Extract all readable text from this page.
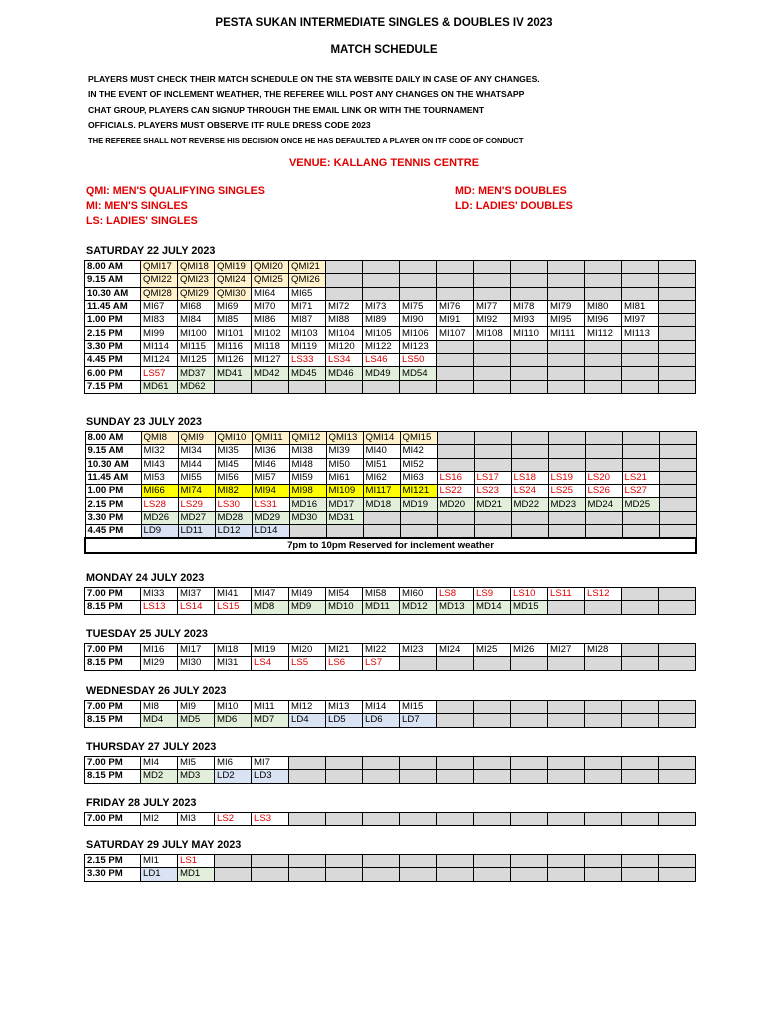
PESTA SUKAN INTERMEDIATE SINGLES & DOUBLES IV 2023
MATCH SCHEDULE
PLAYERS MUST CHECK THEIR MATCH SCHEDULE ON THE STA WEBSITE DAILY IN CASE OF ANY CHANGES.
IN THE EVENT OF INCLEMENT WEATHER, THE REFEREE WILL POST ANY CHANGES ON THE WHATSAPP
CHAT GROUP, PLAYERS CAN SIGNUP THROUGH THE EMAIL LINK OR WITH THE TOURNAMENT
OFFICIALS. PLAYERS MUST OBSERVE ITF RULE DRESS CODE 2023
THE REFEREE SHALL NOT REVERSE HIS DECISION ONCE HE HAS DEFAULTED A PLAYER ON ITF CODE OF CONDUCT
VENUE: KALLANG TENNIS CENTRE
QMI: MEN'S QUALIFYING SINGLES
MI: MEN'S SINGLES
LS: LADIES' SINGLES
MD: MEN'S DOUBLES
LD: LADIES' DOUBLES
SATURDAY 22 JULY 2023
8.00 AM	QMI17	QMI18	QMI19	QMI20	QMI21										
9.15 AM	QMI22	QMI23	QMI24	QMI25	QMI26										
10.30 AM	QMI28	QMI29	QMI30	MI64	MI65										
11.45 AM	MI67	MI68	MI69	MI70	MI71	MI72	MI73	MI75	MI76	MI77	MI78	MI79	MI80	MI81	
1.00 PM	MI83	MI84	MI85	MI86	MI87	MI88	MI89	MI90	MI91	MI92	MI93	MI95	MI96	MI97	
2.15 PM	MI99	MI100	MI101	MI102	MI103	MI104	MI105	MI106	MI107	MI108	MI110	MI111	MI112	MI113	
3.30 PM	MI114	MI115	MI116	MI118	MI119	MI120	MI122	MI123							
4.45 PM	MI124	MI125	MI126	MI127	LS33	LS34	LS46	LS50							
6.00 PM	LS57	MD37	MD41	MD42	MD45	MD46	MD49	MD54							
7.15 PM	MD61	MD62													
SUNDAY 23 JULY 2023
8.00 AM	QMI8	QMI9	QMI10	QMI11	QMI12	QMI13	QMI14	QMI15							
9.15 AM	MI32	MI34	MI35	MI36	MI38	MI39	MI40	MI42							
10.30 AM	MI43	MI44	MI45	MI46	MI48	MI50	MI51	MI52							
11.45 AM	MI53	MI55	MI56	MI57	MI59	MI61	MI62	MI63	LS16	LS17	LS18	LS19	LS20	LS21	
1.00 PM	MI66	MI74	MI82	MI94	MI98	MI109	MI117	MI121	LS22	LS23	LS24	LS25	LS26	LS27	
2.15 PM	LS28	LS29	LS30	LS31	MD16	MD17	MD18	MD19	MD20	MD21	MD22	MD23	MD24	MD25	
3.30 PM	MD26	MD27	MD28	MD29	MD30	MD31									
4.45 PM	LD9	LD11	LD12	LD14											
7pm to 10pm Reserved for inclement weather															
MONDAY 24 JULY 2023
7.00 PM	MI33	MI37	MI41	MI47	MI49	MI54	MI58	MI60	LS8	LS9	LS10	LS11	LS12		
8.15 PM	LS13	LS14	LS15	MD8	MD9	MD10	MD11	MD12	MD13	MD14	MD15				
TUESDAY 25 JULY 2023
7.00 PM	MI16	MI17	MI18	MI19	MI20	MI21	MI22	MI23	MI24	MI25	MI26	MI27	MI28		
8.15 PM	MI29	MI30	MI31	LS4	LS5	LS6	LS7								
WEDNESDAY 26 JULY 2023
7.00 PM	MI8	MI9	MI10	MI11	MI12	MI13	MI14	MI15							
8.15 PM	MD4	MD5	MD6	MD7	LD4	LD5	LD6	LD7							
THURSDAY 27 JULY 2023
7.00 PM	MI4	MI5	MI6	MI7											
8.15 PM	MD2	MD3	LD2	LD3											
FRIDAY 28 JULY 2023
7.00 PM	MI2	MI3	LS2	LS3											
SATURDAY 29 JULY MAY 2023
2.15 PM	MI1	LS1													
3.30 PM	LD1	MD1													
